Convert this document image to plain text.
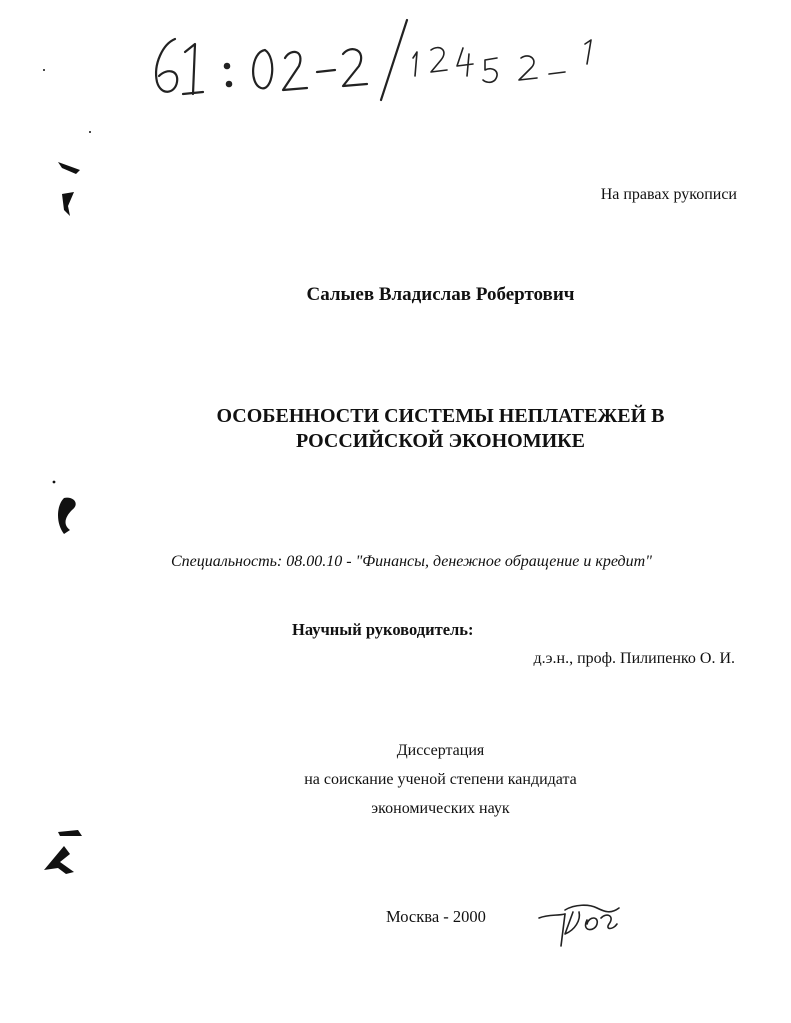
На правах рукописи
Салыев Владислав Робертович
ОСОБЕННОСТИ СИСТЕМЫ НЕПЛАТЕЖЕЙ В
РОССИЙСКОЙ ЭКОНОМИКЕ
Специальность: 08.00.10 - "Финансы, денежное обращение и кредит"
Научный руководитель:
д.э.н., проф. Пилипенко О. И.
Диссертация
на соискание ученой степени кандидата
экономических наук
Москва - 2000
